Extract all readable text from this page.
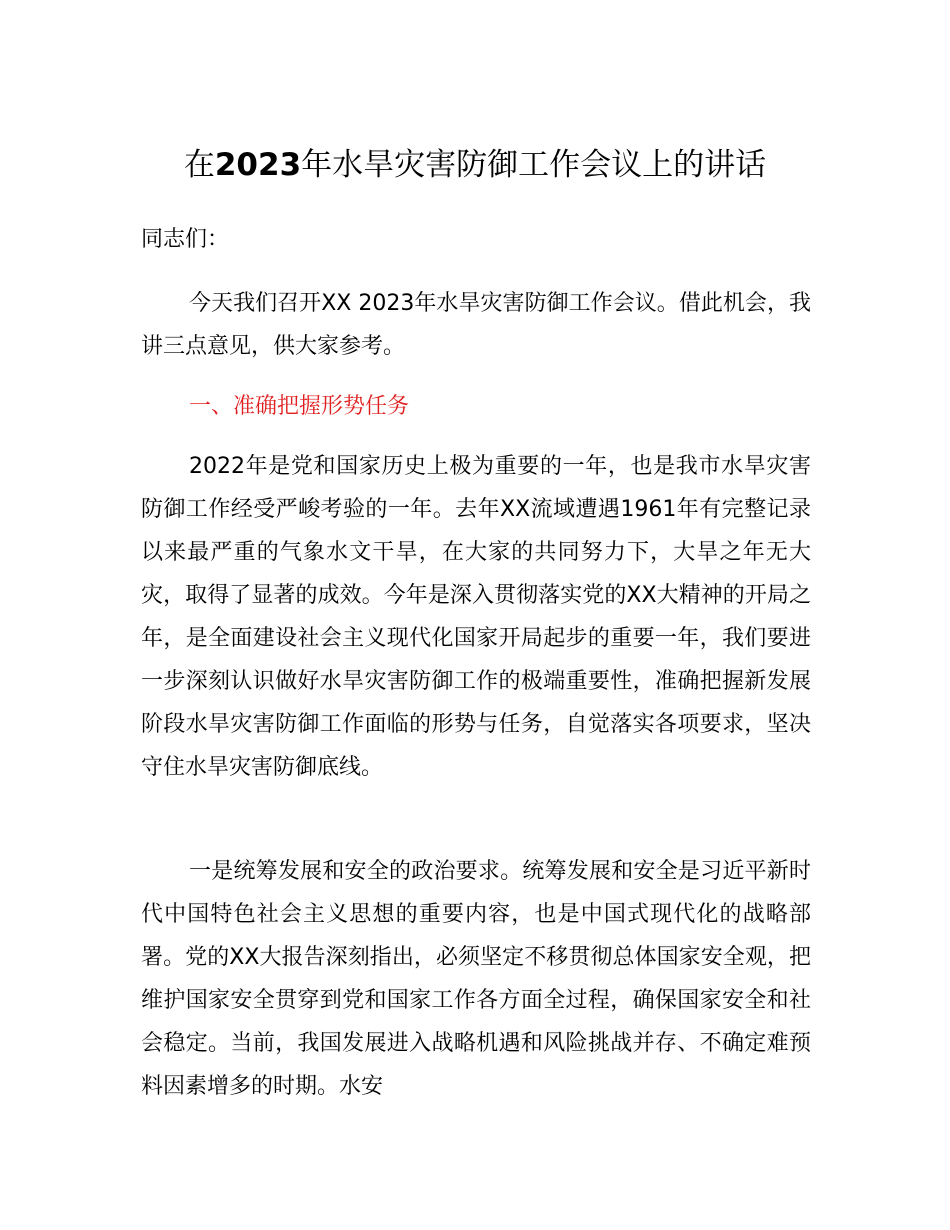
在2023年水旱灾害防御工作会议上的讲话

同志们：

今天我们召开XX 2023年水旱灾害防御工作会议。借此机会，我讲三点意见，供大家参考。

一、准确把握形势任务

2022年是党和国家历史上极为重要的一年，也是我市水旱灾害防御工作经受严峻考验的一年。去年XX流域遭遇1961年有完整记录以来最严重的气象水文干旱，在大家的共同努力下，大旱之年无大灾，取得了显著的成效。今年是深入贯彻落实党的XX大精神的开局之年，是全面建设社会主义现代化国家开局起步的重要一年，我们要进一步深刻认识做好水旱灾害防御工作的极端重要性，准确把握新发展阶段水旱灾害防御工作面临的形势与任务，自觉落实各项要求，坚决守住水旱灾害防御底线。

一是统筹发展和安全的政治要求。统筹发展和安全是习近平新时代中国特色社会主义思想的重要内容，也是中国式现代化的战略部署。党的XX大报告深刻指出，必须坚定不移贯彻总体国家安全观，把维护国家安全贯穿到党和国家工作各方面全过程，确保国家安全和社会稳定。当前，我国发展进入战略机遇和风险挑战并存、不确定难预料因素增多的时期。水安
